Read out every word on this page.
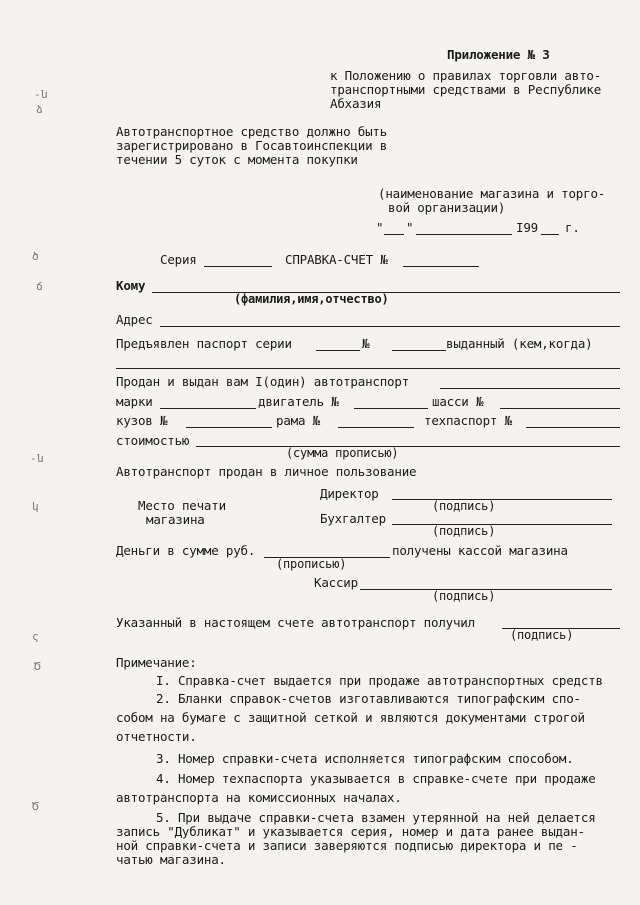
-ն
ձ
ծ
ճ
-ն
կ
ς
Ծ
Ծ
Приложение № 3
к Положению о правилах торговли авто-
транспортными средствами в Республике
Абхазия
Автотранспортное средство должно быть
зарегистрировано в Госавтоинспекции в
течении 5 суток с момента покупки
(наименование магазина и торго-
вой организации)
" "	I99 г.
Серия	СПРАВКА-СЧЕТ №
Кому
(фамилия,имя,отчество)
Адрес
Предъявлен паспорт серии	№	выданный (кем,когда)
Продан и выдан вам I(один) автотранспорт
марки	двигатель №	шасси №
кузов №	рама №	техпаспорт №
стоимостью
(сумма прописью)
Автотранспорт продан в личное пользование
Директор
(подпись)
Место печати
магазина	Бухгалтер
(подпись)
Деньги в сумме руб.
(прописью)
получены кассой магазина
Кассир
(подпись)
Указанный в настоящем счете автотранспорт получил
(подпись)
Примечание:
I. Справка-счет выдается при продаже автотранспортных средств
2. Бланки справок-счетов изготавливаются типографским спо-
собом на бумаге с защитной сеткой и являются документами строгой
отчетности.
3. Номер справки-счета исполняется типографским способом.
4. Номер техпаспорта указывается в справке-счете при продаже
автотранспорта на комиссионных началах.
5. При выдаче справки-счета взамен утерянной на ней делается
запись "Дубликат" и указывается серия, номер и дата ранее выдан-
ной справки-счета и записи заверяются подписью директора и пе -
чатью магазина.
